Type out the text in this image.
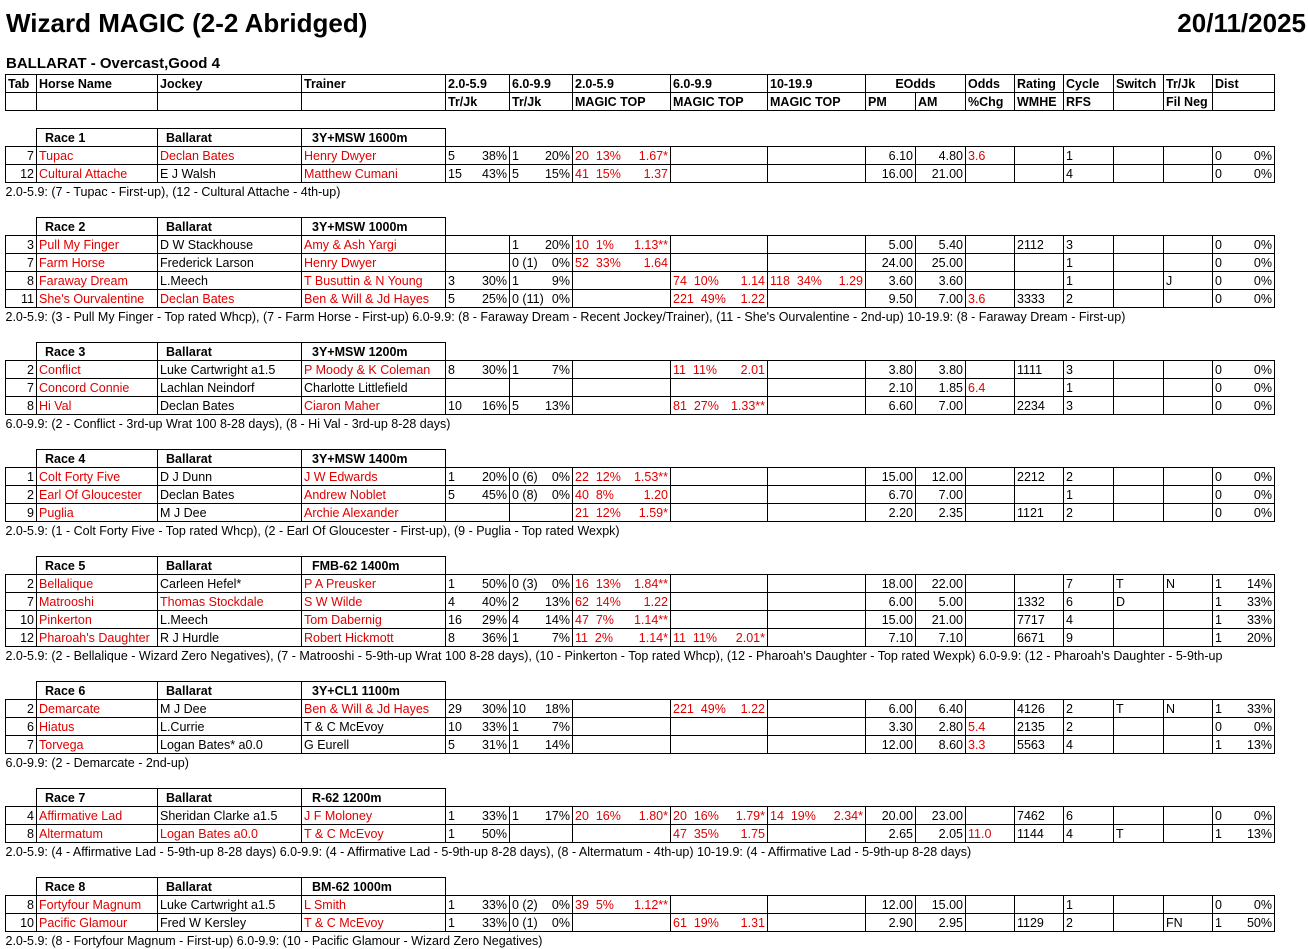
Wizard MAGIC (2-2 Abridged)	20/11/2025
BALLARAT - Overcast,Good 4
Tab	Horse Name	Jockey	Trainer	2.0-5.9	6.0-9.9	2.0-5.9	6.0-9.9	10-19.9	EOdds		Odds	Rating	Cycle	Switch	Tr/Jk	Dist
				Tr/Jk	Tr/Jk	MAGIC TOP	MAGIC TOP	MAGIC TOP	PM	AM	%Chg	WMHE	RFS		Fil Neg	

	Race 1	Ballarat	3Y+MSW 1600m													
7	Tupac	Declan Bates	Henry Dwyer	5 38%	1 20%	20  13% 1.67*			6.10	4.80	3.6		1			0 0%

12	Cultural Attache	E J Walsh	Matthew Cumani	15 43%	5 15%	41  15% 1.37			16.00	21.00			4			0 0%

2.0-5.9: (7 - Tupac - First-up), (12 - Cultural Attache - 4th-up)																

	Race 2	Ballarat	3Y+MSW 1000m													
3	Pull My Finger	D W Stackhouse	Amy & Ash Yargi		1 20%	10  1% 1.13**			5.00	5.40		2112	3			0 0%

7	Farm Horse	Frederick Larson	Henry Dwyer		0 (1) 0%	52  33% 1.64			24.00	25.00			1			0 0%

8	Faraway Dream	L.Meech	T Busuttin & N Young	3 30%	1 9%		74  10% 1.14	118  34% 1.29	3.60	3.60			1		J	0 0%

11	She's Ourvalentine	Declan Bates	Ben & Will & Jd Hayes	5 25%	0 (11) 0%		221  49% 1.22		9.50	7.00	3.6	3333	2			0 0%

2.0-5.9: (3 - Pull My Finger - Top rated Whcp), (7 - Farm Horse - First-up) 6.0-9.9: (8 - Faraway Dream - Recent Jockey/Trainer), (11 - She's Ourvalentine - 2nd-up) 10-19.9: (8 - Faraway Dream - First-up)																

	Race 3	Ballarat	3Y+MSW 1200m													
2	Conflict	Luke Cartwright a1.5	P Moody & K Coleman	8 30%	1 7%		11  11% 2.01		3.80	3.80		1111	3			0 0%

7	Concord Connie	Lachlan Neindorf	Charlotte Littlefield						2.10	1.85	6.4		1			0 0%

8	Hi Val	Declan Bates	Ciaron Maher	10 16%	5 13%		81  27% 1.33**		6.60	7.00		2234	3			0 0%

6.0-9.9: (2 - Conflict - 3rd-up Wrat 100 8-28 days), (8 - Hi Val - 3rd-up 8-28 days)																

	Race 4	Ballarat	3Y+MSW 1400m													
1	Colt Forty Five	D J Dunn	J W Edwards	1 20%	0 (6) 0%	22  12% 1.53**			15.00	12.00		2212	2			0 0%

2	Earl Of Gloucester	Declan Bates	Andrew Noblet	5 45%	0 (8) 0%	40  8% 1.20			6.70	7.00			1			0 0%

9	Puglia	M J Dee	Archie Alexander			21  12% 1.59*			2.20	2.35		1121	2			0 0%

2.0-5.9: (1 - Colt Forty Five - Top rated Whcp), (2 - Earl Of Gloucester - First-up), (9 - Puglia - Top rated Wexpk)																

	Race 5	Ballarat	FMB-62 1400m													
2	Bellalique	Carleen Hefel*	P A Preusker	1 50%	0 (3) 0%	16  13% 1.84**			18.00	22.00			7	T	N	1 14%

7	Matrooshi	Thomas Stockdale	S W Wilde	4 40%	2 13%	62  14% 1.22			6.00	5.00		1332	6	D		1 33%

10	Pinkerton	L.Meech	Tom Dabernig	16 29%	4 14%	47  7% 1.14**			15.00	21.00		7717	4			1 33%

12	Pharoah's Daughter	R J Hurdle	Robert Hickmott	8 36%	1 7%	11  2% 1.14*	11  11% 2.01*		7.10	7.10		6671	9			1 20%

2.0-5.9: (2 - Bellalique - Wizard Zero Negatives), (7 - Matrooshi - 5-9th-up Wrat 100 8-28 days), (10 - Pinkerton - Top rated Whcp), (12 - Pharoah's Daughter - Top rated Wexpk) 6.0-9.9: (12 - Pharoah's Daughter - 5-9th-up																

	Race 6	Ballarat	3Y+CL1 1100m													
2	Demarcate	M J Dee	Ben & Will & Jd Hayes	29 30%	10 18%		221  49% 1.22		6.00	6.40		4126	2	T	N	1 33%

6	Hiatus	L.Currie	T & C McEvoy	10 33%	1 7%				3.30	2.80	5.4	2135	2			0 0%

7	Torvega	Logan Bates* a0.0	G Eurell	5 31%	1 14%				12.00	8.60	3.3	5563	4			1 13%

6.0-9.9: (2 - Demarcate - 2nd-up)																

	Race 7	Ballarat	R-62 1200m													
4	Affirmative Lad	Sheridan Clarke a1.5	J F Moloney	1 33%	1 17%	20  16% 1.80*	20  16% 1.79*	14  19% 2.34*	20.00	23.00		7462	6			0 0%

8	Altermatum	Logan Bates a0.0	T & C McEvoy	1 50%			47  35% 1.75		2.65	2.05	11.0	1144	4	T		1 13%

2.0-5.9: (4 - Affirmative Lad - 5-9th-up 8-28 days) 6.0-9.9: (4 - Affirmative Lad - 5-9th-up 8-28 days), (8 - Altermatum - 4th-up) 10-19.9: (4 - Affirmative Lad - 5-9th-up 8-28 days)																

	Race 8	Ballarat	BM-62 1000m													
8	Fortyfour Magnum	Luke Cartwright a1.5	L Smith	1 33%	0 (2) 0%	39  5% 1.12**			12.00	15.00			1			0 0%

10	Pacific Glamour	Fred W Kersley	T & C McEvoy	1 33%	0 (1) 0%		61  19% 1.31		2.90	2.95		1129	2		FN	1 50%

2.0-5.9: (8 - Fortyfour Magnum - First-up) 6.0-9.9: (10 - Pacific Glamour - Wizard Zero Negatives)																
